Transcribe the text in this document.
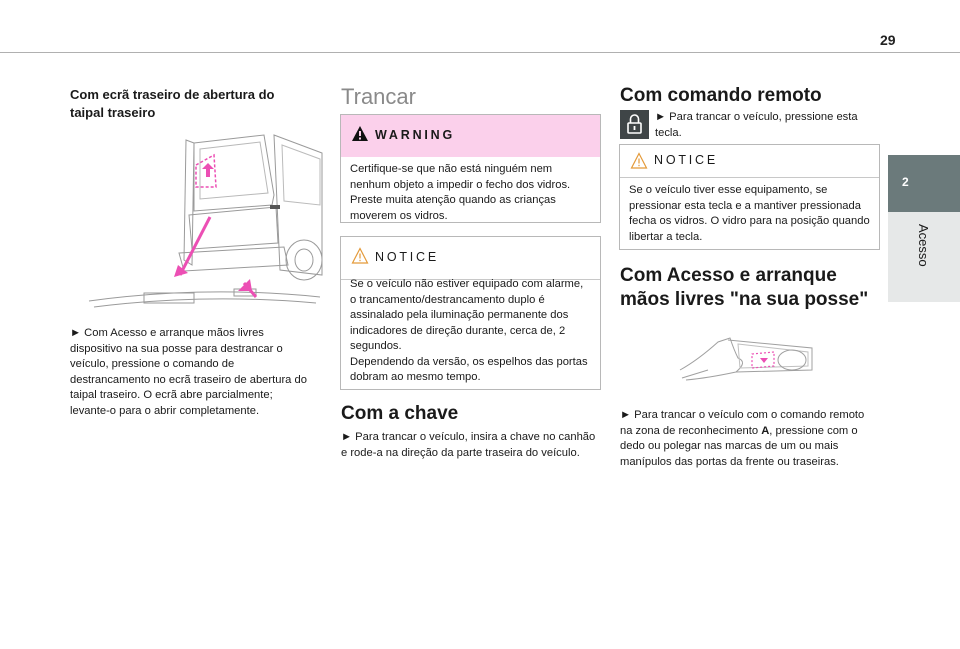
29
2
Acesso
Com ecrã traseiro de abertura do taipal traseiro
► Com Acesso e arranque mãos livres dispositivo na sua posse para destrancar o veículo, pressione o comando de destrancamento no ecrã traseiro de abertura do taipal traseiro. O ecrã abre parcialmente; levante-o para o abrir completamente.
Trancar
WARNING
Certifique-se que não está ninguém nem nenhum objeto a impedir o fecho dos vidros. Preste muita atenção quando as crianças moverem os vidros.
NOTICE
Se o veículo não estiver equipado com alarme, o trancamento/destrancamento duplo é assinalado pela iluminação permanente dos indicadores de direção durante, cerca de, 2 segundos.
Dependendo da versão, os espelhos das portas dobram ao mesmo tempo.
Com a chave
► Para trancar o veículo, insira a chave no canhão e rode-a na direção da parte traseira do veículo.
Com comando remoto
► Para trancar o veículo, pressione esta tecla.
NOTICE
Se o veículo tiver esse equipamento, se pressionar esta tecla e a mantiver pressionada fecha os vidros. O vidro para na posição quando libertar a tecla.
Com Acesso e arranque mãos livres "na sua posse"
► Para trancar o veículo com o comando remoto na zona de reconhecimento A, pressione com o dedo ou polegar nas marcas de um ou mais manípulos das portas da frente ou traseiras.
